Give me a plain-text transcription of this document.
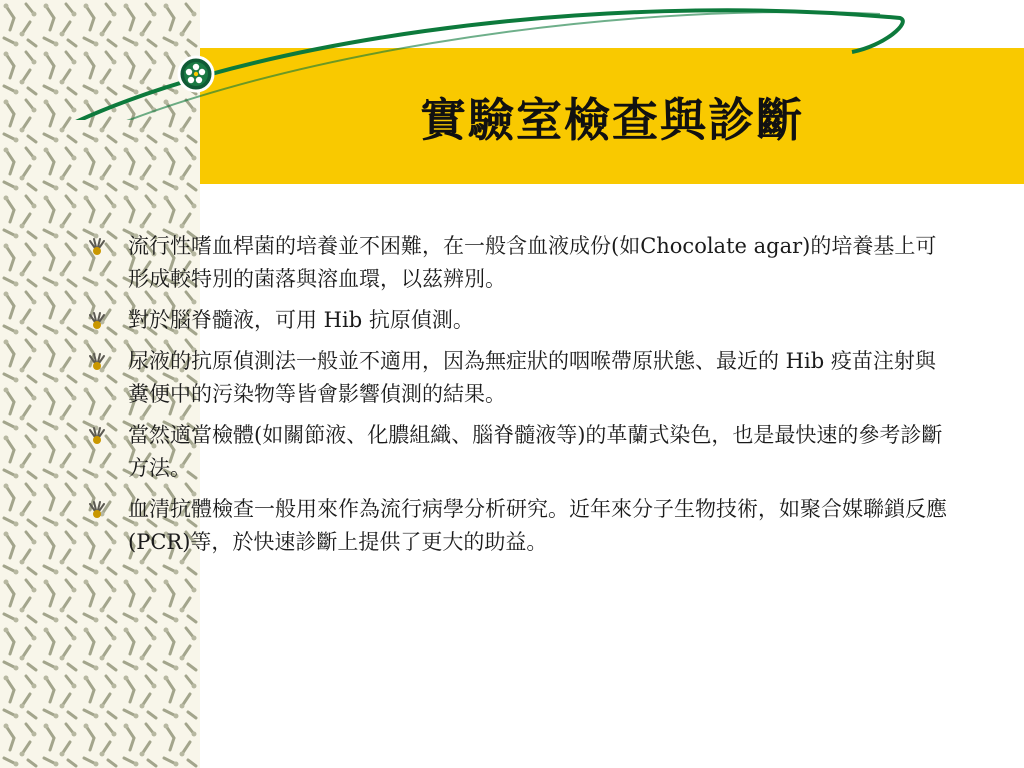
實驗室檢查與診斷
流行性嗜血桿菌的培養並不困難，在一般含血液成份(如Chocolate agar)的培養基上可形成較特別的菌落與溶血環，以茲辨別。
對於腦脊髓液，可用 Hib 抗原偵測。
尿液的抗原偵測法一般並不適用，因為無症狀的咽喉帶原狀態、最近的 Hib 疫苗注射與糞便中的污染物等皆會影響偵測的結果。
當然適當檢體(如關節液、化膿組織、腦脊髓液等)的革蘭式染色，也是最快速的參考診斷方法。
血清抗體檢查一般用來作為流行病學分析研究。近年來分子生物技術，如聚合媒聯鎖反應(PCR)等，於快速診斷上提供了更大的助益。
